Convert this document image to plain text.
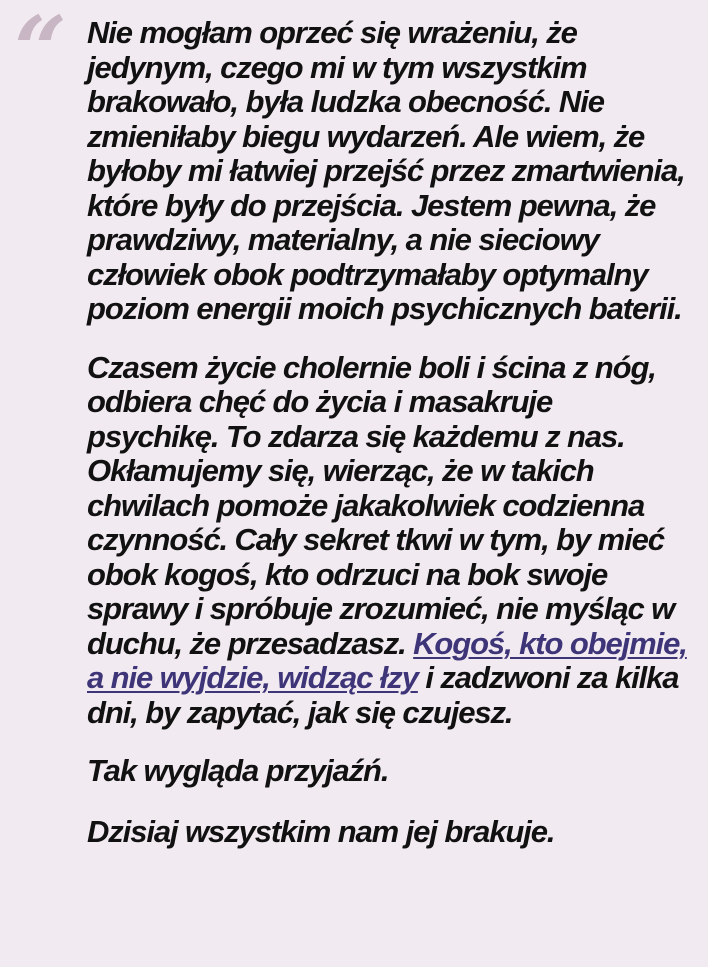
“ Nie mogłam oprzeć się wrażeniu, że jedynym, czego mi w tym wszystkim brakowało, była ludzka obecność. Nie zmieniłaby biegu wydarzeń. Ale wiem, że byłoby mi łatwiej przejść przez zmartwienia, które były do przejścia. Jestem pewna, że prawdziwy, materialny, a nie sieciowy człowiek obok podtrzymałaby optymalny poziom energii moich psychicznych baterii.

Czasem życie cholernie boli i ścina z nóg, odbiera chęć do życia i masakruje psychikę. To zdarza się każdemu z nas. Okłamujemy się, wierząc, że w takich chwilach pomoże jakakolwiek codzienna czynność. Cały sekret tkwi w tym, by mieć obok kogoś, kto odrzuci na bok swoje sprawy i spróbuje zrozumieć, nie myśląc w duchu, że przesadzasz. Kogoś, kto obejmie, a nie wyjdzie, widząc łzy i zadzwoni za kilka dni, by zapytać, jak się czujesz.

Tak wygląda przyjaźń.

Dzisiaj wszystkim nam jej brakuje.
